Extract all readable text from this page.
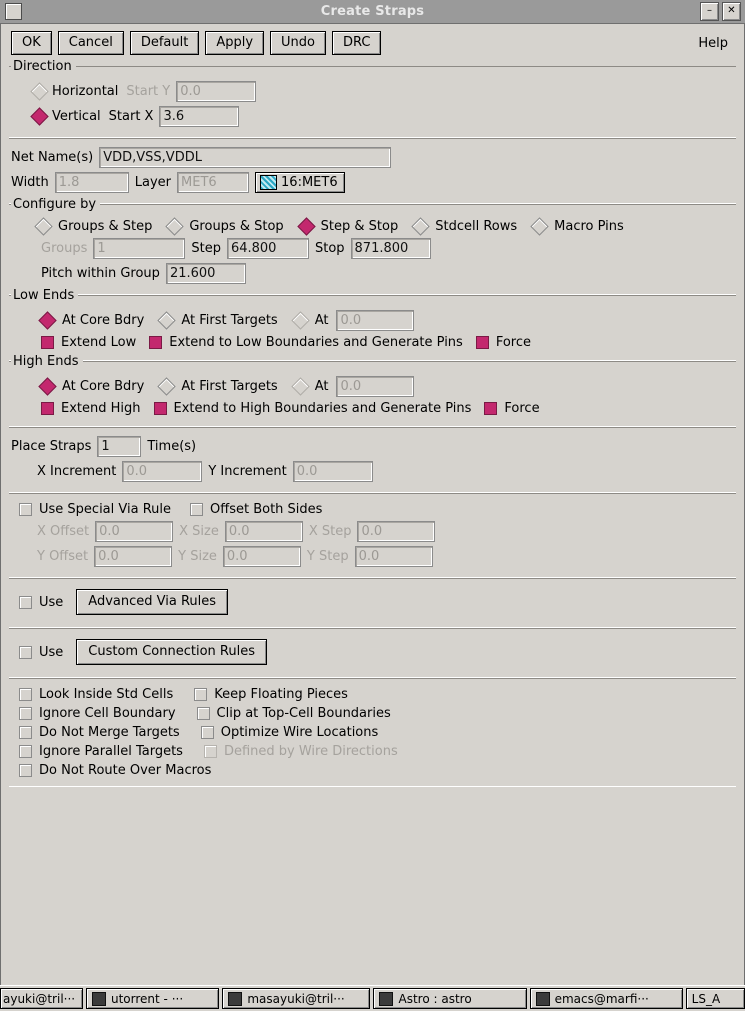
Create Straps	–	✕
OK	Cancel	Default	Apply	Undo	DRC	Help
Direction
Horizontal Start Y 0.0
Vertical Start X 3.6
Net Name(s) VDD,VSS,VDDL
Width 1.8	Layer MET6	16:MET6
Configure by
Groups & Step	Groups & Stop	Step & Stop	Stdcell Rows	Macro Pins
Groups 1	Step 64.800	Stop 871.800
Pitch within Group 21.600
Low Ends
At Core Bdry	At First Targets	At 0.0
Extend Low	Extend to Low Boundaries and Generate Pins	Force
High Ends
At Core Bdry	At First Targets	At 0.0
Extend High	Extend to High Boundaries and Generate Pins	Force
Place Straps 1	Time(s)
X Increment 0.0	Y Increment 0.0
Use Special Via Rule	Offset Both Sides
X Offset 0.0	X Size 0.0	X Step 0.0
Y Offset 0.0	Y Size 0.0	Y Step 0.0
Use	Advanced Via Rules
Use	Custom Connection Rules
Look Inside Std Cells	Keep Floating Pieces
Ignore Cell Boundary	Clip at Top-Cell Boundaries
Do Not Merge Targets	Optimize Wire Locations
Ignore Parallel Targets	Defined by Wire Directions
Do Not Route Over Macros
ayuki@tril···	utorrent - ···	masayuki@tril···	Astro : astro	emacs@marfi···	LS_A
